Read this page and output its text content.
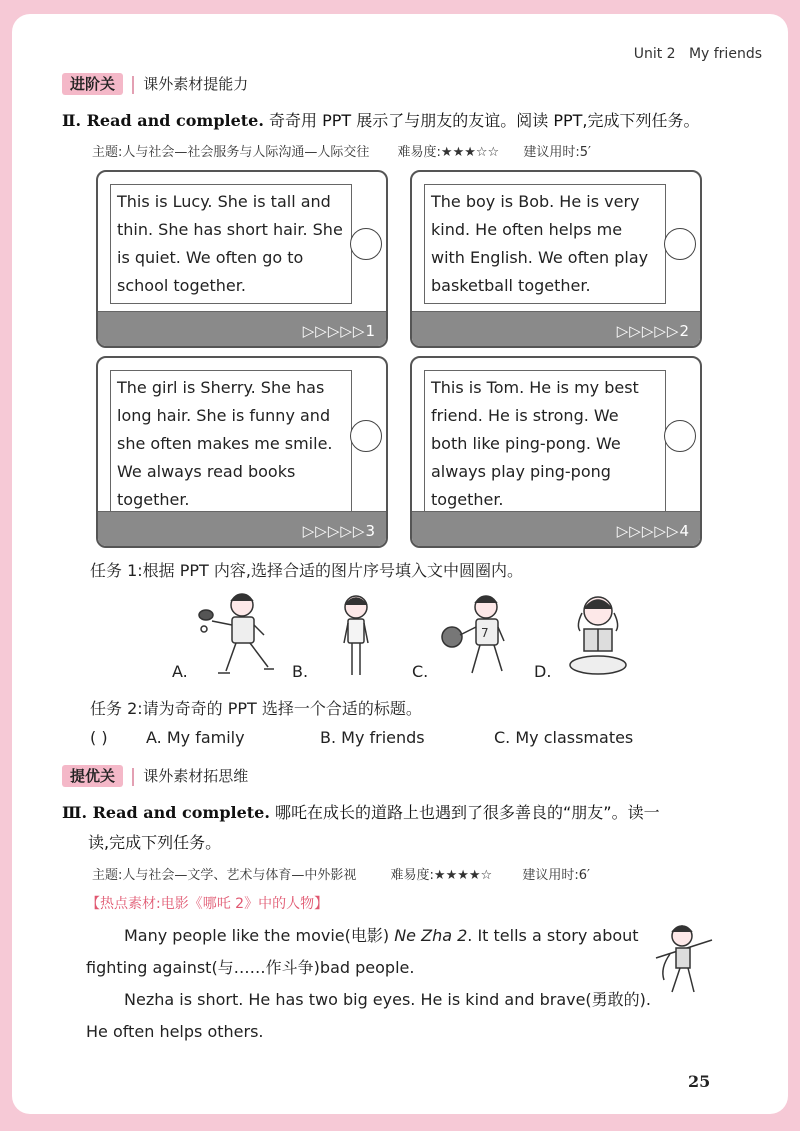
Unit 2 My friends
进阶关 课外素材提能力
Ⅱ. Read and complete. 奇奇用 PPT 展示了与朋友的友谊。阅读 PPT,完成下列任务。
主题:人与社会—社会服务与人际沟通—人际交往 难易度:★★★☆☆ 建议用时:5′
This is Lucy. She is tall and thin. She has short hair. She is quiet. We often go to school together.
▷▷▷▷▷1
The boy is Bob. He is very kind. He often helps me with English. We often play basketball together.
▷▷▷▷▷2
The girl is Sherry. She has long hair. She is funny and she often makes me smile. We always read books together.
▷▷▷▷▷3
This is Tom. He is my best friend. He is strong. We both like ping-pong. We always play ping-pong together.
▷▷▷▷▷4
任务 1:根据 PPT 内容,选择合适的图片序号填入文中圆圈内。
7
A.	B.	C.	D.
任务 2:请为奇奇的 PPT 选择一个合适的标题。
( ) A. My family	B. My friends	C. My classmates
提优关 课外素材拓思维
Ⅲ. Read and complete. 哪吒在成长的道路上也遇到了很多善良的“朋友”。读一
读,完成下列任务。
主题:人与社会—文学、艺术与体育—中外影视	难易度:★★★★☆ 建议用时:6′
【热点素材:电影《哪吒 2》中的人物】
Many people like the movie(电影) Ne Zha 2. It tells a story about
fighting against(与……作斗争)bad people.
Nezha is short. He has two big eyes. He is kind and brave(勇敢的).
He often helps others.
25
